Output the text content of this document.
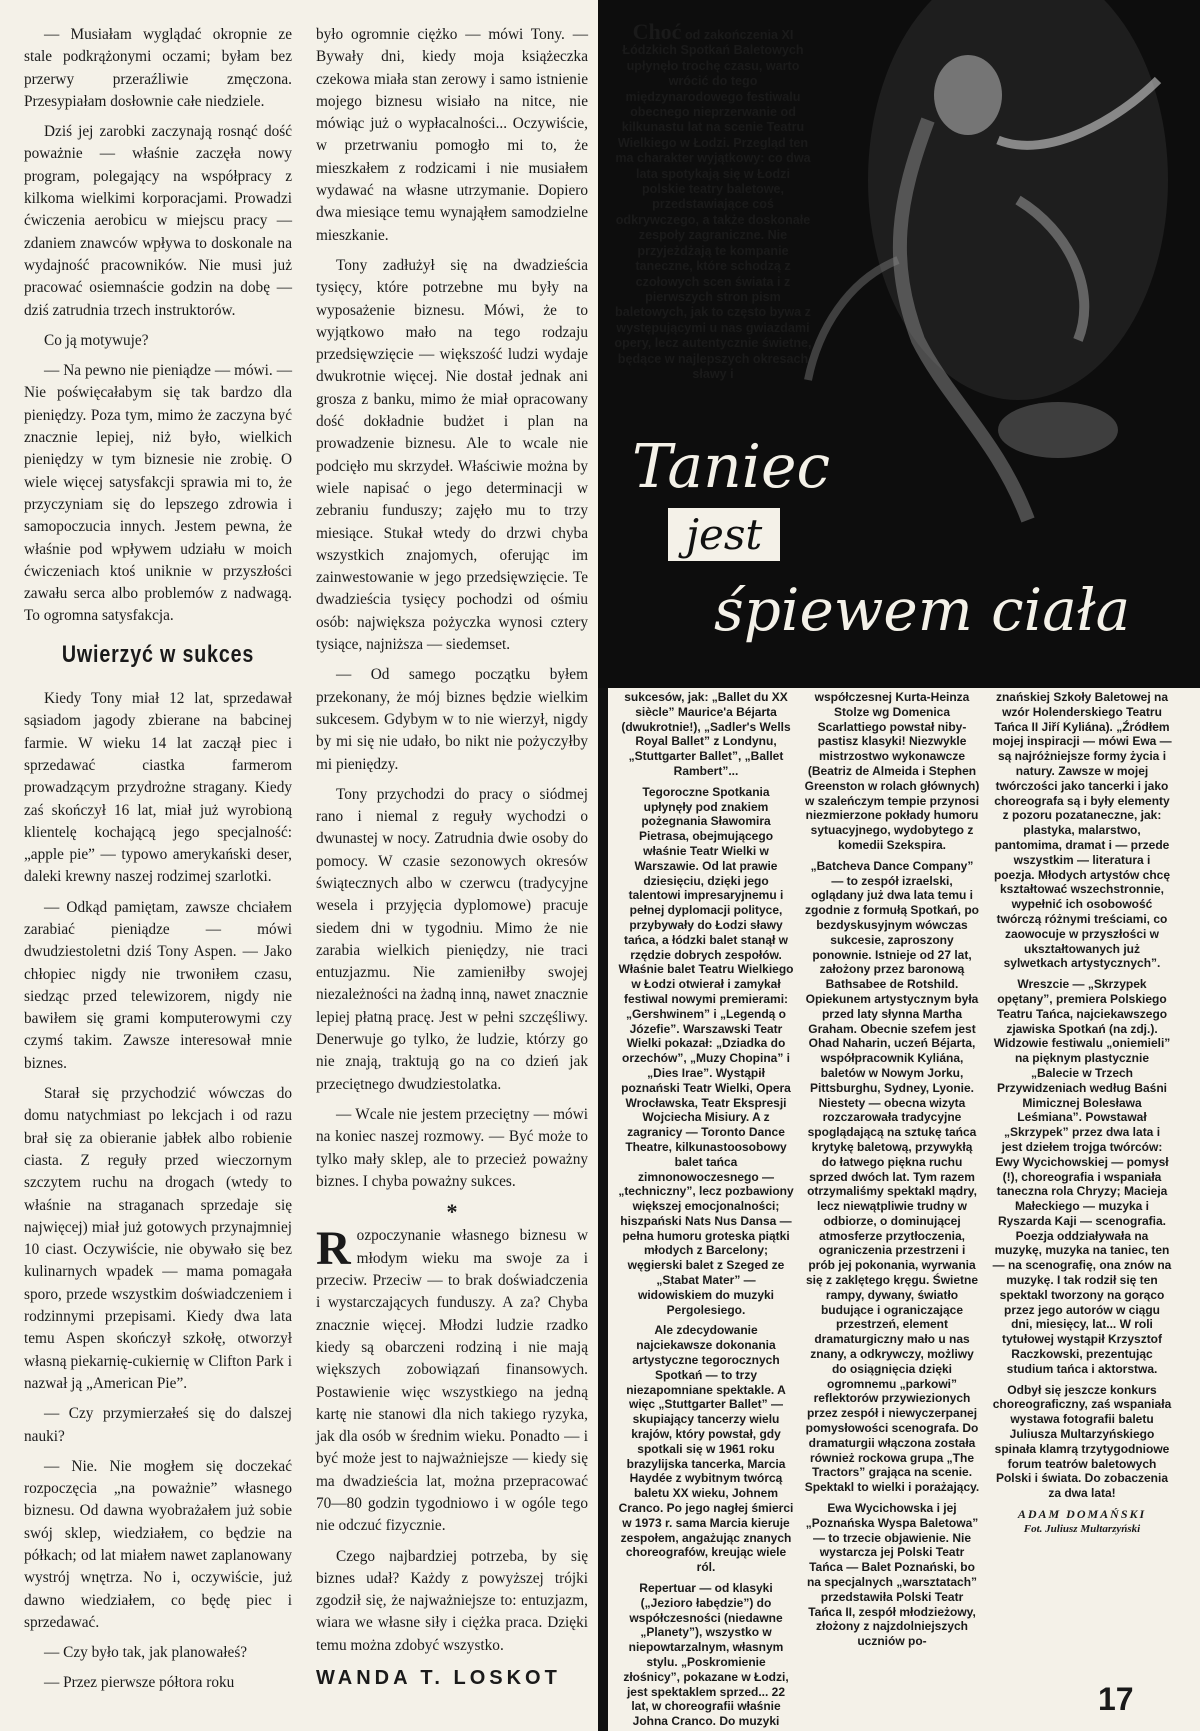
— Musiałam wyglądać okropnie ze stale podkrążonymi oczami; byłam bez przerwy przeraźliwie zmęczona. Przesypiałam dosłownie całe niedziele.

Dziś jej zarobki zaczynają rosnąć dość poważnie — właśnie zaczęła nowy program, polegający na współpracy z kilkoma wielkimi korporacjami. Prowadzi ćwiczenia aerobicu w miejscu pracy — zdaniem znawców wpływa to doskonale na wydajność pracowników. Nie musi już pracować osiemnaście godzin na dobę — dziś zatrudnia trzech instruktorów.

Co ją motywuje?

— Na pewno nie pieniądze — mówi. — Nie poświęcałabym się tak bardzo dla pieniędzy. Poza tym, mimo że zaczyna być znacznie lepiej, niż było, wielkich pieniędzy w tym biznesie nie zrobię. O wiele więcej satysfakcji sprawia mi to, że przyczyniam się do lepszego zdrowia i samopoczucia innych. Jestem pewna, że właśnie pod wpływem udziału w moich ćwiczeniach ktoś uniknie w przyszłości zawału serca albo problemów z nadwagą. To ogromna satysfakcja.

Uwierzyć w sukces

Kiedy Tony miał 12 lat, sprzedawał sąsiadom jagody zbierane na babcinej farmie. W wieku 14 lat zaczął piec i sprzedawać ciastka farmerom prowadzącym przydrożne stragany. Kiedy zaś skończył 16 lat, miał już wyrobioną klientelę kochającą jego specjalność: „apple pie” — typowo amerykański deser, daleki krewny naszej rodzimej szarlotki.

— Odkąd pamiętam, zawsze chciałem zarabiać pieniądze — mówi dwudziestoletni dziś Tony Aspen. — Jako chłopiec nigdy nie trwoniłem czasu, siedząc przed telewizorem, nigdy nie bawiłem się grami komputerowymi czy czymś takim. Zawsze interesował mnie biznes.

Starał się przychodzić wówczas do domu natychmiast po lekcjach i od razu brał się za obieranie jabłek albo robienie ciasta. Z reguły przed wieczornym szczytem ruchu na drogach (wtedy to właśnie na straganach sprzedaje się najwięcej) miał już gotowych przynajmniej 10 ciast. Oczywiście, nie obywało się bez kulinarnych wpadek — mama pomagała sporo, przede wszystkim doświadczeniem i rodzinnymi przepisami. Kiedy dwa lata temu Aspen skończył szkołę, otworzył własną piekarnię-cukiernię w Clifton Park i nazwał ją „American Pie”.

— Czy przymierzałeś się do dalszej nauki?

— Nie. Nie mogłem się doczekać rozpoczęcia „na poważnie” własnego biznesu. Od dawna wyobrażałem już sobie swój sklep, wiedziałem, co będzie na półkach; od lat miałem nawet zaplanowany wystrój wnętrza. No i, oczywiście, już dawno wiedziałem, co będę piec i sprzedawać.

— Czy było tak, jak planowałeś?

— Przez pierwsze półtora roku

było ogromnie ciężko — mówi Tony. — Bywały dni, kiedy moja książeczka czekowa miała stan zerowy i samo istnienie mojego biznesu wisiało na nitce, nie mówiąc już o wypłacalności... Oczywiście, w przetrwaniu pomogło mi to, że mieszkałem z rodzicami i nie musiałem wydawać na własne utrzymanie. Dopiero dwa miesiące temu wynająłem samodzielne mieszkanie.

Tony zadłużył się na dwadzieścia tysięcy, które potrzebne mu były na wyposażenie biznesu. Mówi, że to wyjątkowo mało na tego rodzaju przedsięwzięcie — większość ludzi wydaje dwukrotnie więcej. Nie dostał jednak ani grosza z banku, mimo że miał opracowany dość dokładnie budżet i plan na prowadzenie biznesu. Ale to wcale nie podcięło mu skrzydeł. Właściwie można by wiele napisać o jego determinacji w zebraniu funduszy; zajęło mu to trzy miesiące. Stukał wtedy do drzwi chyba wszystkich znajomych, oferując im zainwestowanie w jego przedsięwzięcie. Te dwadzieścia tysięcy pochodzi od ośmiu osób: największa pożyczka wynosi cztery tysiące, najniższa — siedemset.

— Od samego początku byłem przekonany, że mój biznes będzie wielkim sukcesem. Gdybym w to nie wierzył, nigdy by mi się nie udało, bo nikt nie pożyczyłby mi pieniędzy.

Tony przychodzi do pracy o siódmej rano i niemal z reguły wychodzi o dwunastej w nocy. Zatrudnia dwie osoby do pomocy. W czasie sezonowych okresów świątecznych albo w czerwcu (tradycyjne wesela i przyjęcia dyplomowe) pracuje siedem dni w tygodniu. Mimo że nie zarabia wielkich pieniędzy, nie traci entuzjazmu. Nie zamieniłby swojej niezależności na żadną inną, nawet znacznie lepiej płatną pracę. Jest w pełni szczęśliwy. Denerwuje go tylko, że ludzie, którzy go nie znają, traktują go na co dzień jak przeciętnego dwudziestolatka.

— Wcale nie jestem przeciętny — mówi na koniec naszej rozmowy. — Być może to tylko mały sklep, ale to przecież poważny biznes. I chyba poważny sukces.

*

Rozpoczynanie własnego biznesu w młodym wieku ma swoje za i przeciw. Przeciw — to brak doświadczenia i wystarczających funduszy. A za? Chyba znacznie więcej. Młodzi ludzie rzadko kiedy są obarczeni rodziną i nie mają większych zobowiązań finansowych. Postawienie więc wszystkiego na jedną kartę nie stanowi dla nich takiego ryzyka, jak dla osób w średnim wieku. Ponadto — i być może jest to najważniejsze — kiedy się ma dwadzieścia lat, można przepracować 70—80 godzin tygodniowo i w ogóle tego nie odczuć fizycznie.

Czego najbardziej potrzeba, by się biznes udał? Każdy z powyższej trójki zgodził się, że najważniejsze to: entuzjazm, wiara we własne siły i ciężka praca. Dzięki temu można zdobyć wszystko.

WANDA T. LOSKOT
Choć od zakończenia XI Łódzkich Spotkań Baletowych upłynęło trochę czasu, warto wrócić do tego międzynarodowego festiwalu obecnego nieprzerwanie od kilkunastu lat na scenie Teatru Wielkiego w Łodzi. Przegląd ten ma charakter wyjątkowy: co dwa lata spotykają się w Łodzi polskie teatry baletowe, przedstawiające coś odkrywczego, a także doskonałe zespoły zagraniczne. Nie przyjeżdżają te kompanie taneczne, które schodzą z czołowych scen świata i z pierwszych stron pism baletowych, jak to często bywa z występującymi u nas gwiazdami opery, lecz autentycznie świetne, będące w najlepszych okresach sławy i
Taniec
jest
śpiewem ciała

sukcesów, jak: „Ballet du XX siècle” Maurice'a Béjarta (dwukrotnie!), „Sadler's Wells Royal Ballet” z Londynu, „Stuttgarter Ballet”, „Ballet Rambert”...

Tegoroczne Spotkania upłynęły pod znakiem pożegnania Sławomira Pietrasa, obejmującego właśnie Teatr Wielki w Warszawie. Od lat prawie dziesięciu, dzięki jego talentowi impresaryjnemu i pełnej dyplomacji polityce, przybywały do Łodzi sławy tańca, a łódzki balet stanął w rzędzie dobrych zespołów. Właśnie balet Teatru Wielkiego w Łodzi otwierał i zamykał festiwal nowymi premierami: „Gershwinem” i „Legendą o Józefie”. Warszawski Teatr Wielki pokazał: „Dziadka do orzechów”, „Muzy Chopina” i „Dies Irae”. Wystąpił poznański Teatr Wielki, Opera Wrocławska, Teatr Ekspresji Wojciecha Misiury. A z zagranicy — Toronto Dance Theatre, kilkunastoosobowy balet tańca zimnonowoczesnego — „techniczny”, lecz pozbawiony większej emocjonalności; hiszpański Nats Nus Dansa — pełna humoru groteska piątki młodych z Barcelony; węgierski balet z Szeged ze „Stabat Mater” — widowiskiem do muzyki Pergolesiego.

Ale zdecydowanie najciekawsze dokonania artystyczne tegorocznych Spotkań — to trzy niezapomniane spektakle. A więc „Stuttgarter Ballet” — skupiający tancerzy wielu krajów, który powstał, gdy spotkali się w 1961 roku brazylijska tancerka, Marcia Haydée z wybitnym twórcą baletu XX wieku, Johnem Cranco. Po jego nagłej śmierci w 1973 r. sama Marcia kieruje zespołem, angażując znanych choreografów, kreując wiele ról.

Repertuar — od klasyki („Jezioro łabędzie”) do współczesności (niedawne „Planety”), wszystko w niepowtarzalnym, własnym stylu. „Poskromienie złośnicy”, pokazane w Łodzi, jest spektaklem sprzed... 22 lat, w choreografii właśnie Johna Cranco. Do muzyki

współczesnej Kurta-Heinza Stolze wg Domenica Scarlattiego powstał niby-pastisz klasyki! Niezwykle mistrzostwo wykonawcze (Beatriz de Almeida i Stephen Greenston w rolach głównych) w szaleńczym tempie przynosi niezmierzone pokłady humoru sytuacyjnego, wydobytego z komedii Szekspira.

„Batcheva Dance Company” — to zespół izraelski, oglądany już dwa lata temu i zgodnie z formułą Spotkań, po bezdyskusyjnym wówczas sukcesie, zaproszony ponownie. Istnieje od 27 lat, założony przez baronową Bathsabee de Rotshild. Opiekunem artystycznym była przed laty słynna Martha Graham. Obecnie szefem jest Ohad Naharin, uczeń Béjarta, współpracownik Kyliána, baletów w Nowym Jorku, Pittsburghu, Sydney, Lyonie. Niestety — obecna wizyta rozczarowała tradycyjne spoglądającą na sztukę tańca krytykę baletową, przywykłą do łatwego piękna ruchu sprzed dwóch lat. Tym razem otrzymaliśmy spektakl mądry, lecz niewątpliwie trudny w odbiorze, o dominującej atmosferze przytłoczenia, ograniczenia przestrzeni i prób jej pokonania, wyrwania się z zaklętego kręgu. Świetne rampy, dywany, światło budujące i ograniczające przestrzeń, element dramaturgiczny mało u nas znany, a odkrywczy, możliwy do osiągnięcia dzięki ogromnemu „parkowi” reflektorów przywiezionych przez zespół i niewyczerpanej pomysłowości scenografa. Do dramaturgii włączona została również rockowa grupa „The Tractors” grająca na scenie. Spektakl to wielki i porażający.

Ewa Wycichowska i jej „Poznańska Wyspa Baletowa” — to trzecie objawienie. Nie wystarcza jej Polski Teatr Tańca — Balet Poznański, bo na specjalnych „warsztatach” przedstawiła Polski Teatr Tańca II, zespół młodzieżowy, złożony z najzdolniejszych uczniów po-

znańskiej Szkoły Baletowej na wzór Holenderskiego Teatru Tańca II Jiří Kyliána). „Źródłem mojej inspiracji — mówi Ewa — są najróżniejsze formy życia i natury. Zawsze w mojej twórczości jako tancerki i jako choreografa są i były elementy z pozoru pozataneczne, jak: plastyka, malarstwo, pantomima, dramat i — przede wszystkim — literatura i poezja. Młodych artystów chcę kształtować wszechstronnie, wypełnić ich osobowość twórczą różnymi treściami, co zaowocuje w przyszłości w ukształtowanych już sylwetkach artystycznych”.

Wreszcie — „Skrzypek opętany”, premiera Polskiego Teatru Tańca, najciekawszego zjawiska Spotkań (na zdj.). Widzowie festiwalu „oniemieli” na pięknym plastycznie „Balecie w Trzech Przywidzeniach według Baśni Mimicznej Bolesława Leśmiana”. Powstawał „Skrzypek” przez dwa lata i jest dziełem trojga twórców: Ewy Wycichowskiej — pomysł (!), choreografia i wspaniała taneczna rola Chryzy; Macieja Małeckiego — muzyka i Ryszarda Kaji — scenografia. Poezja oddziaływała na muzykę, muzyka na taniec, ten — na scenografię, ona znów na muzykę. I tak rodził się ten spektakl tworzony na gorąco przez jego autorów w ciągu dni, miesięcy, lat... W roli tytułowej wystąpił Krzysztof Raczkowski, prezentując studium tańca i aktorstwa.

Odbył się jeszcze konkurs choreograficzny, zaś wspaniała wystawa fotografii baletu Juliusza Multarzyńskiego spinała klamrą trzytygodniowe forum teatrów baletowych Polski i świata. Do zobaczenia za dwa lata!

ADAM DOMAŃSKI
Fot. Juliusz Multarzyński
17
